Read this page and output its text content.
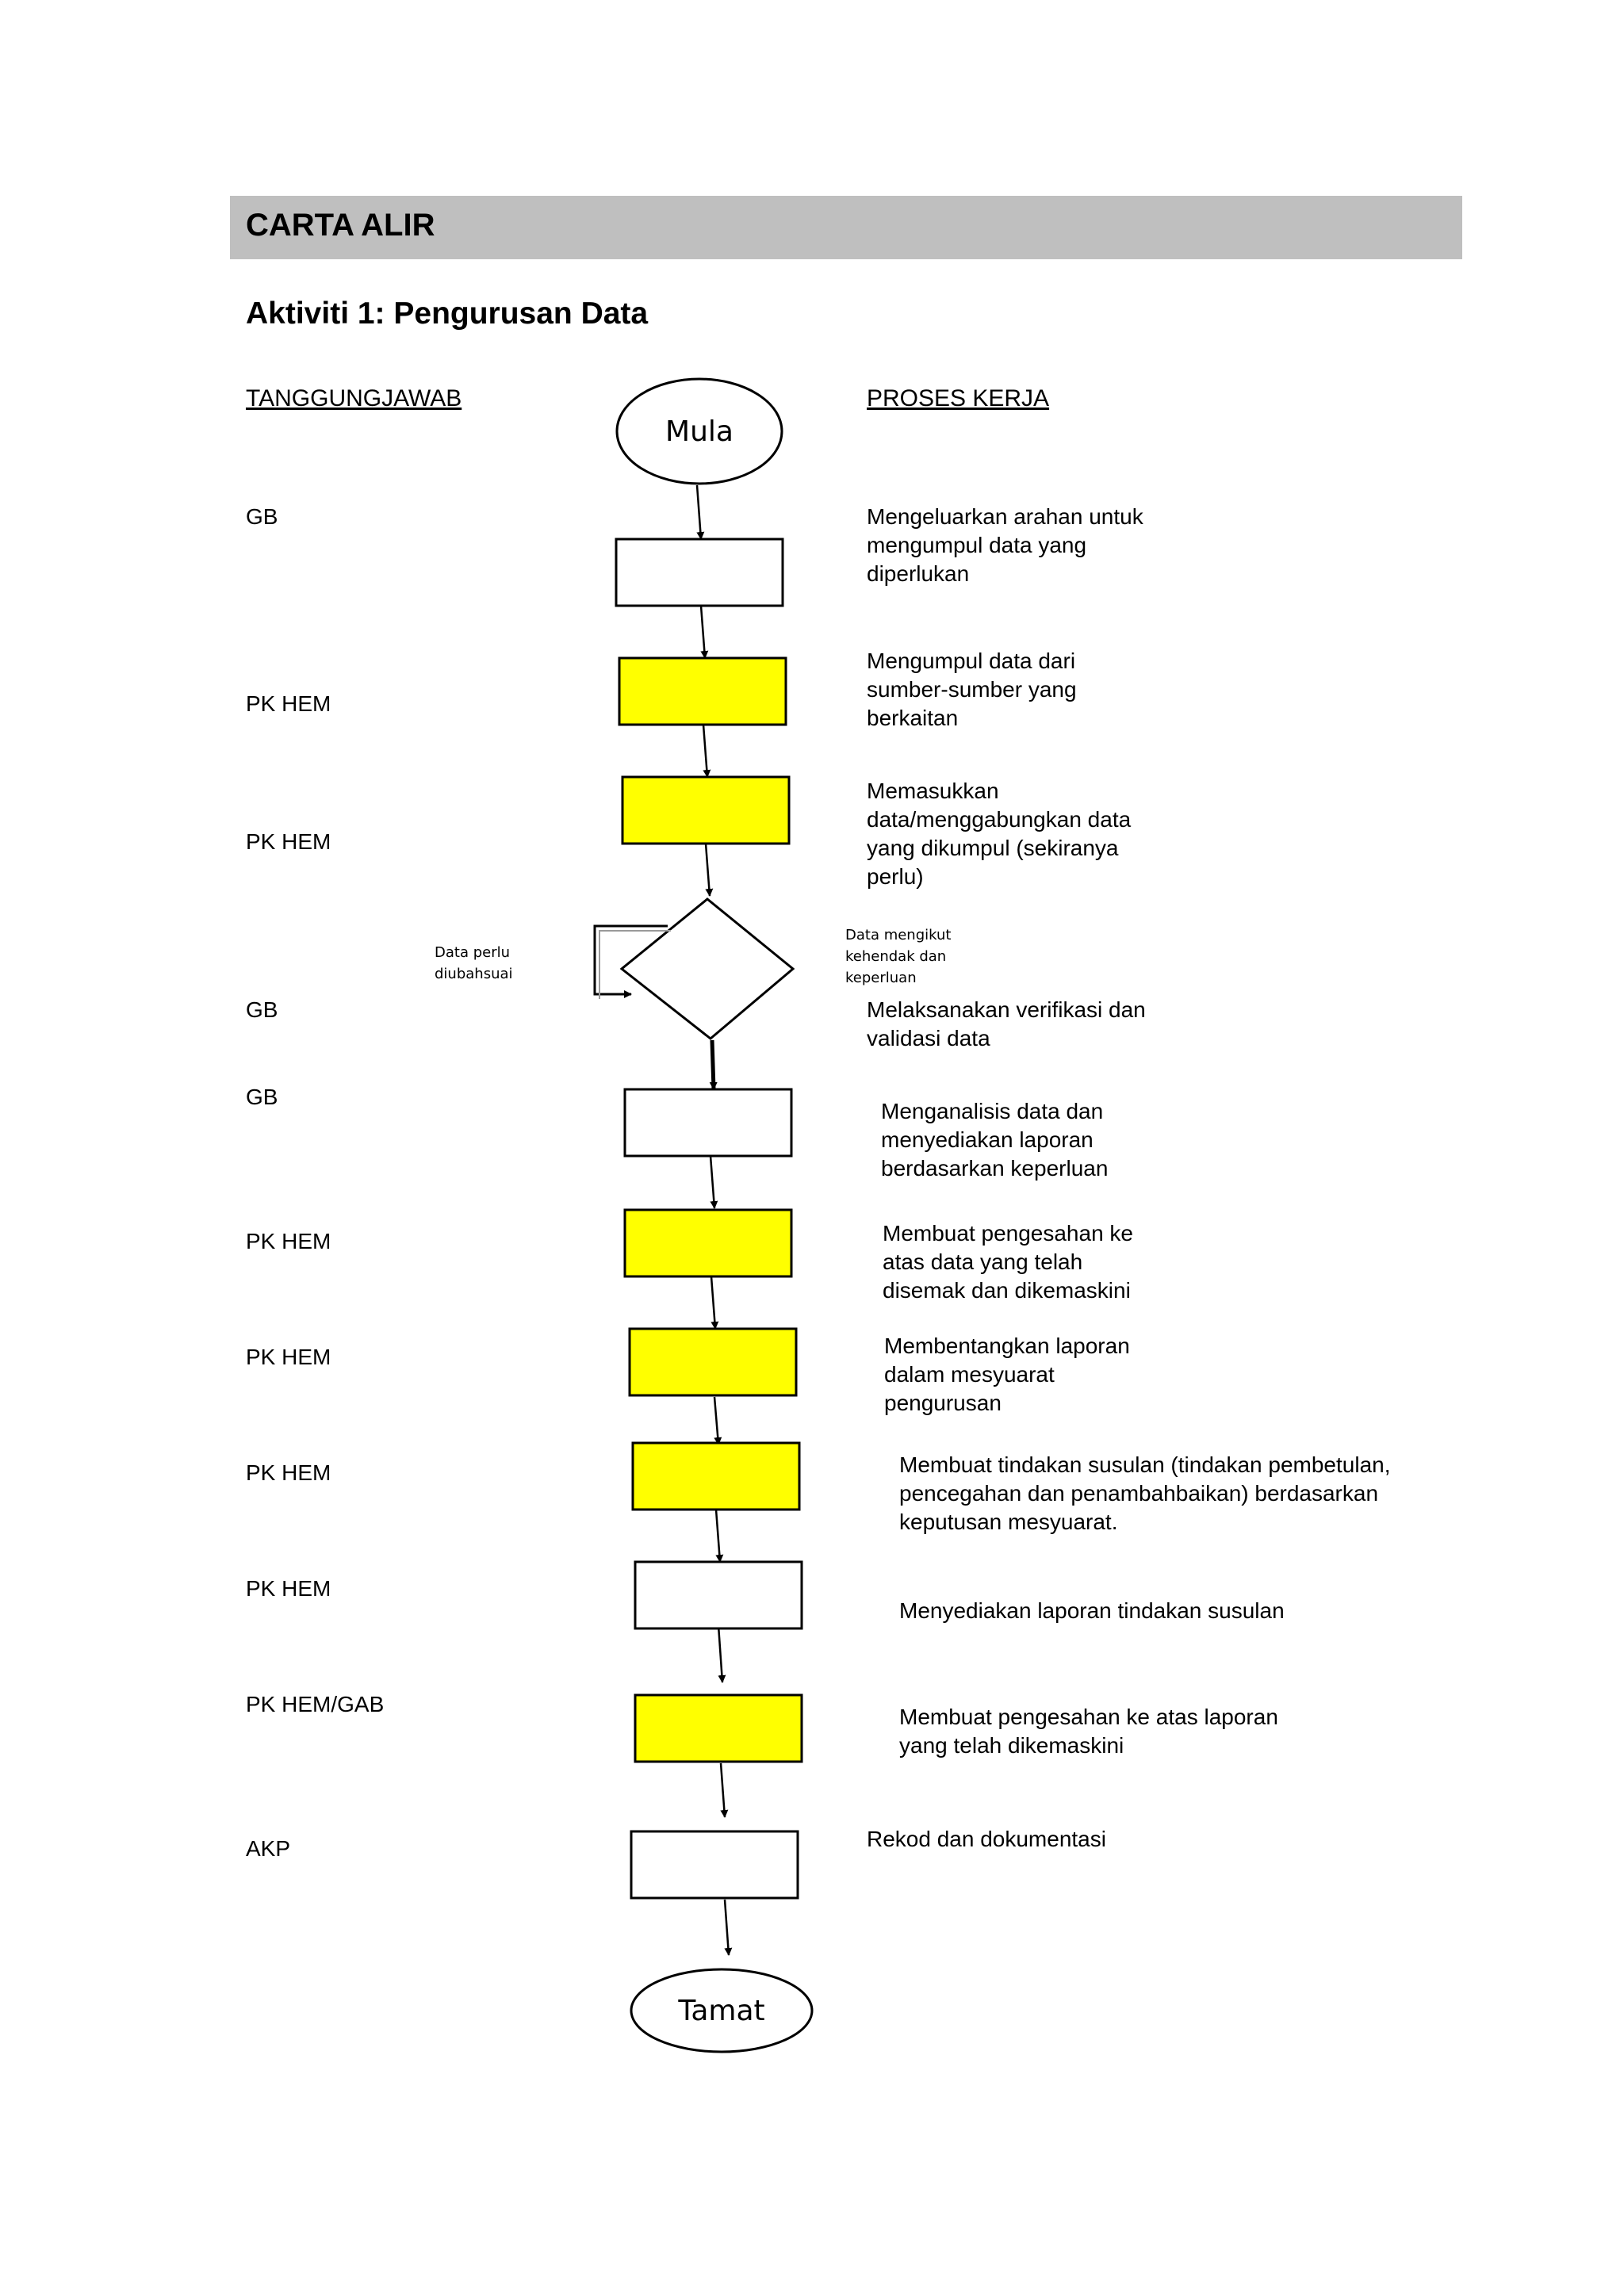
CARTA ALIR
Aktiviti 1: Pengurusan Data
TANGGUNGJAWAB	PROSES KERJA
GB
PK HEM
PK HEM
GB
GB
PK HEM
PK HEM
PK HEM
PK HEM
PK HEM/GAB
AKP
Mengeluarkan arahan untuk mengumpul data yang diperlukan
Mengumpul data dari sumber-sumber yang berkaitan
Memasukkan data/menggabungkan data yang dikumpul (sekiranya perlu)
Melaksanakan verifikasi dan validasi data
Menganalisis data dan menyediakan laporan berdasarkan keperluan
Membuat pengesahan ke atas data yang telah disemak dan dikemaskini
Membentangkan laporan dalam mesyuarat pengurusan
Membuat tindakan susulan (tindakan pembetulan, pencegahan dan penambahbaikan) berdasarkan keputusan mesyuarat.
Menyediakan laporan tindakan susulan
Membuat pengesahan ke atas laporan yang telah dikemaskini
Rekod dan dokumentasi
Data perlu diubahsuai
Data mengikut kehendak dan keperluan
Mula
Tamat
